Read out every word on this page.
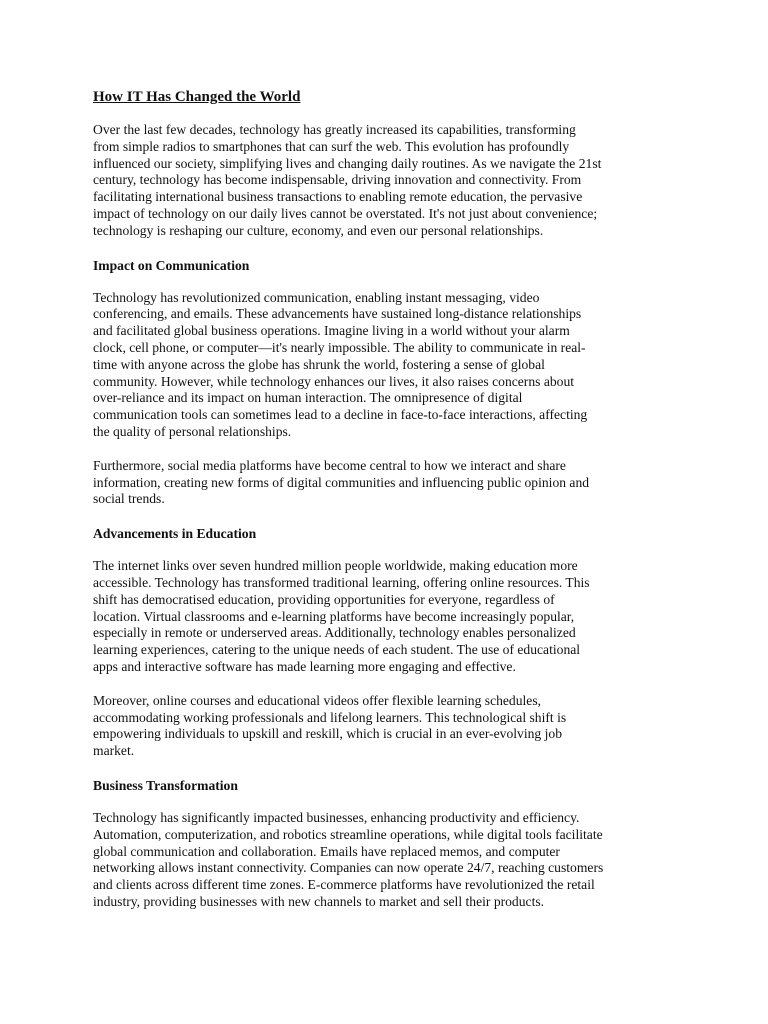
How IT Has Changed the World
Over the last few decades, technology has greatly increased its capabilities, transforming
from simple radios to smartphones that can surf the web. This evolution has profoundly
influenced our society, simplifying lives and changing daily routines. As we navigate the 21st
century, technology has become indispensable, driving innovation and connectivity. From
facilitating international business transactions to enabling remote education, the pervasive
impact of technology on our daily lives cannot be overstated. It's not just about convenience;
technology is reshaping our culture, economy, and even our personal relationships.
Impact on Communication
Technology has revolutionized communication, enabling instant messaging, video
conferencing, and emails. These advancements have sustained long-distance relationships
and facilitated global business operations. Imagine living in a world without your alarm
clock, cell phone, or computer—it's nearly impossible. The ability to communicate in real-
time with anyone across the globe has shrunk the world, fostering a sense of global
community. However, while technology enhances our lives, it also raises concerns about
over-reliance and its impact on human interaction. The omnipresence of digital
communication tools can sometimes lead to a decline in face-to-face interactions, affecting
the quality of personal relationships.
Furthermore, social media platforms have become central to how we interact and share
information, creating new forms of digital communities and influencing public opinion and
social trends.
Advancements in Education
The internet links over seven hundred million people worldwide, making education more
accessible. Technology has transformed traditional learning, offering online resources. This
shift has democratised education, providing opportunities for everyone, regardless of
location. Virtual classrooms and e-learning platforms have become increasingly popular,
especially in remote or underserved areas. Additionally, technology enables personalized
learning experiences, catering to the unique needs of each student. The use of educational
apps and interactive software has made learning more engaging and effective.
Moreover, online courses and educational videos offer flexible learning schedules,
accommodating working professionals and lifelong learners. This technological shift is
empowering individuals to upskill and reskill, which is crucial in an ever-evolving job
market.
Business Transformation
Technology has significantly impacted businesses, enhancing productivity and efficiency.
Automation, computerization, and robotics streamline operations, while digital tools facilitate
global communication and collaboration. Emails have replaced memos, and computer
networking allows instant connectivity. Companies can now operate 24/7, reaching customers
and clients across different time zones. E-commerce platforms have revolutionized the retail
industry, providing businesses with new channels to market and sell their products.
